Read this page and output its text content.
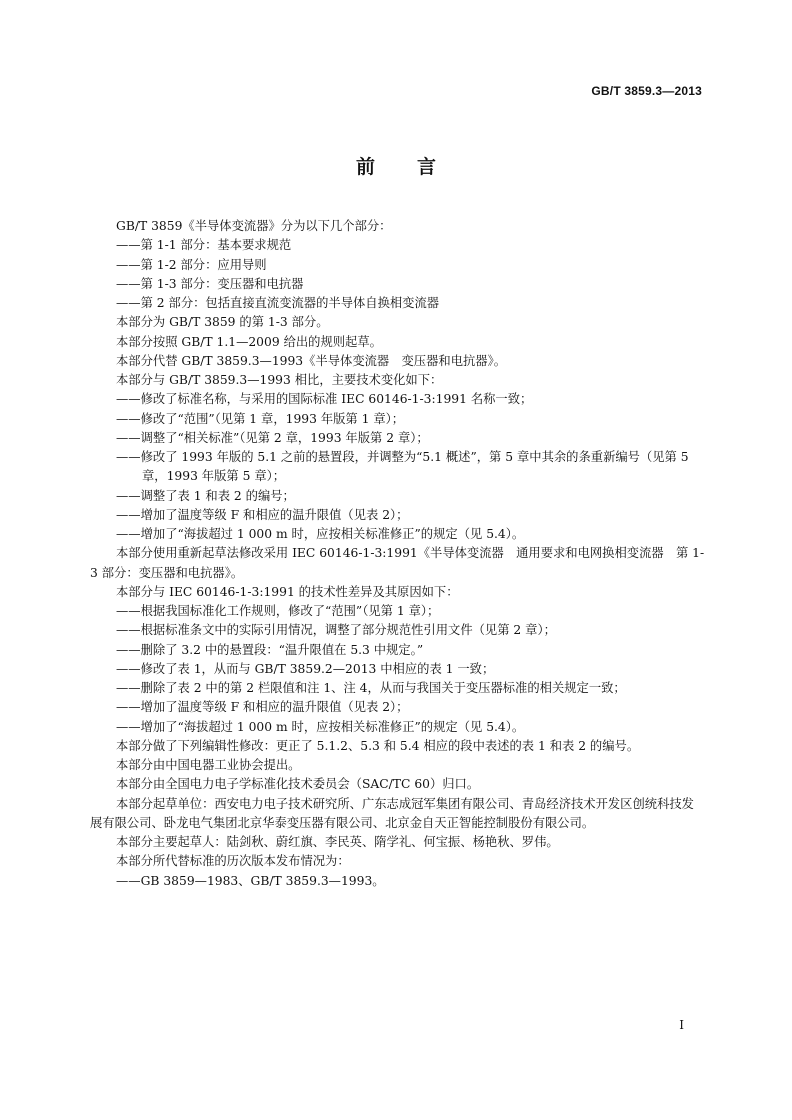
GB/T 3859.3—2013
前言

GB/T 3859《半导体变流器》分为以下几个部分：

——第 1-1 部分：基本要求规范

——第 1-2 部分：应用导则

——第 1-3 部分：变压器和电抗器

——第 2 部分：包括直接直流变流器的半导体自换相变流器

本部分为 GB/T 3859 的第 1-3 部分。

本部分按照 GB/T 1.1—2009 给出的规则起草。

本部分代替 GB/T 3859.3—1993《半导体变流器　变压器和电抗器》。

本部分与 GB/T 3859.3—1993 相比，主要技术变化如下：

——修改了标准名称，与采用的国际标准 IEC 60146-1-3:1991 名称一致；

——修改了“范围”（见第 1 章，1993 年版第 1 章）；

——调整了“相关标准”（见第 2 章，1993 年版第 2 章）；

——修改了 1993 年版的 5.1 之前的悬置段，并调整为“5.1 概述”，第 5 章中其余的条重新编号（见第 5 章，1993 年版第 5 章）；

——调整了表 1 和表 2 的编号；

——增加了温度等级 F 和相应的温升限值（见表 2）；

——增加了“海拔超过 1 000 m 时，应按相关标准修正”的规定（见 5.4）。

本部分使用重新起草法修改采用 IEC 60146-1-3:1991《半导体变流器　通用要求和电网换相变流器　第 1-3 部分：变压器和电抗器》。

本部分与 IEC 60146-1-3:1991 的技术性差异及其原因如下：

——根据我国标准化工作规则，修改了“范围”（见第 1 章）；

——根据标准条文中的实际引用情况，调整了部分规范性引用文件（见第 2 章）；

——删除了 3.2 中的悬置段：“温升限值在 5.3 中规定。”

——修改了表 1，从而与 GB/T 3859.2—2013 中相应的表 1 一致；

——删除了表 2 中的第 2 栏限值和注 1、注 4，从而与我国关于变压器标准的相关规定一致；

——增加了温度等级 F 和相应的温升限值（见表 2）；

——增加了“海拔超过 1 000 m 时，应按相关标准修正”的规定（见 5.4）。

本部分做了下列编辑性修改：更正了 5.1.2、5.3 和 5.4 相应的段中表述的表 1 和表 2 的编号。

本部分由中国电器工业协会提出。

本部分由全国电力电子学标准化技术委员会（SAC/TC 60）归口。

本部分起草单位：西安电力电子技术研究所、广东志成冠军集团有限公司、青岛经济技术开发区创统科技发展有限公司、卧龙电气集团北京华泰变压器有限公司、北京金自天正智能控制股份有限公司。

本部分主要起草人：陆剑秋、蔚红旗、李民英、隋学礼、何宝振、杨艳秋、罗伟。

本部分所代替标准的历次版本发布情况为：

——GB 3859—1983、GB/T 3859.3—1993。

I
